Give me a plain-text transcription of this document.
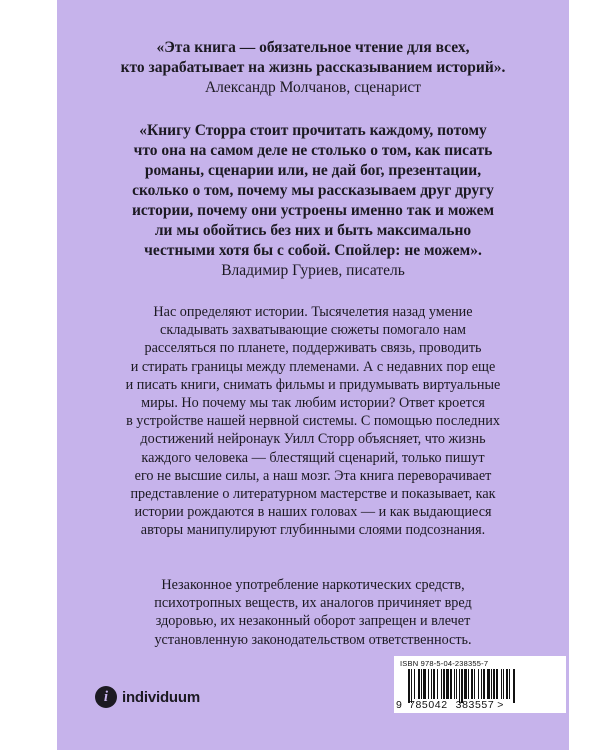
«Эта книга — обязательное чтение для всех,
кто зарабатывает на жизнь рассказыванием историй».
Александр Молчанов, сценарист
«Книгу Сторра стоит прочитать каждому, потому
что она на самом деле не столько о том, как писать
романы, сценарии или, не дай бог, презентации,
сколько о том, почему мы рассказываем друг другу
истории, почему они устроены именно так и можем
ли мы обойтись без них и быть максимально
честными хотя бы с собой. Спойлер: не можем».
Владимир Гуриев, писатель
Нас определяют истории. Тысячелетия назад умение
складывать захватывающие сюжеты помогало нам
расселяться по планете, поддерживать связь, проводить
и стирать границы между племенами. А с недавних пор еще
и писать книги, снимать фильмы и придумывать виртуальные
миры. Но почему мы так любим истории? Ответ кроется
в устройстве нашей нервной системы. С помощью последних
достижений нейронаук Уилл Сторр объясняет, что жизнь
каждого человека — блестящий сценарий, только пишут
его не высшие силы, а наш мозг. Эта книга переворачивает
представление о литературном мастерстве и показывает, как
истории рождаются в наших головах — и как выдающиеся
авторы манипулируют глубинными слоями подсознания.
Незаконное употребление наркотических средств,
психотропных веществ, их аналогов причиняет вред
здоровью, их незаконный оборот запрещен и влечет
установленную законодательством ответственность.
i individuum
ISBN 978-5-04-238355-7
9 785042 383557 >
